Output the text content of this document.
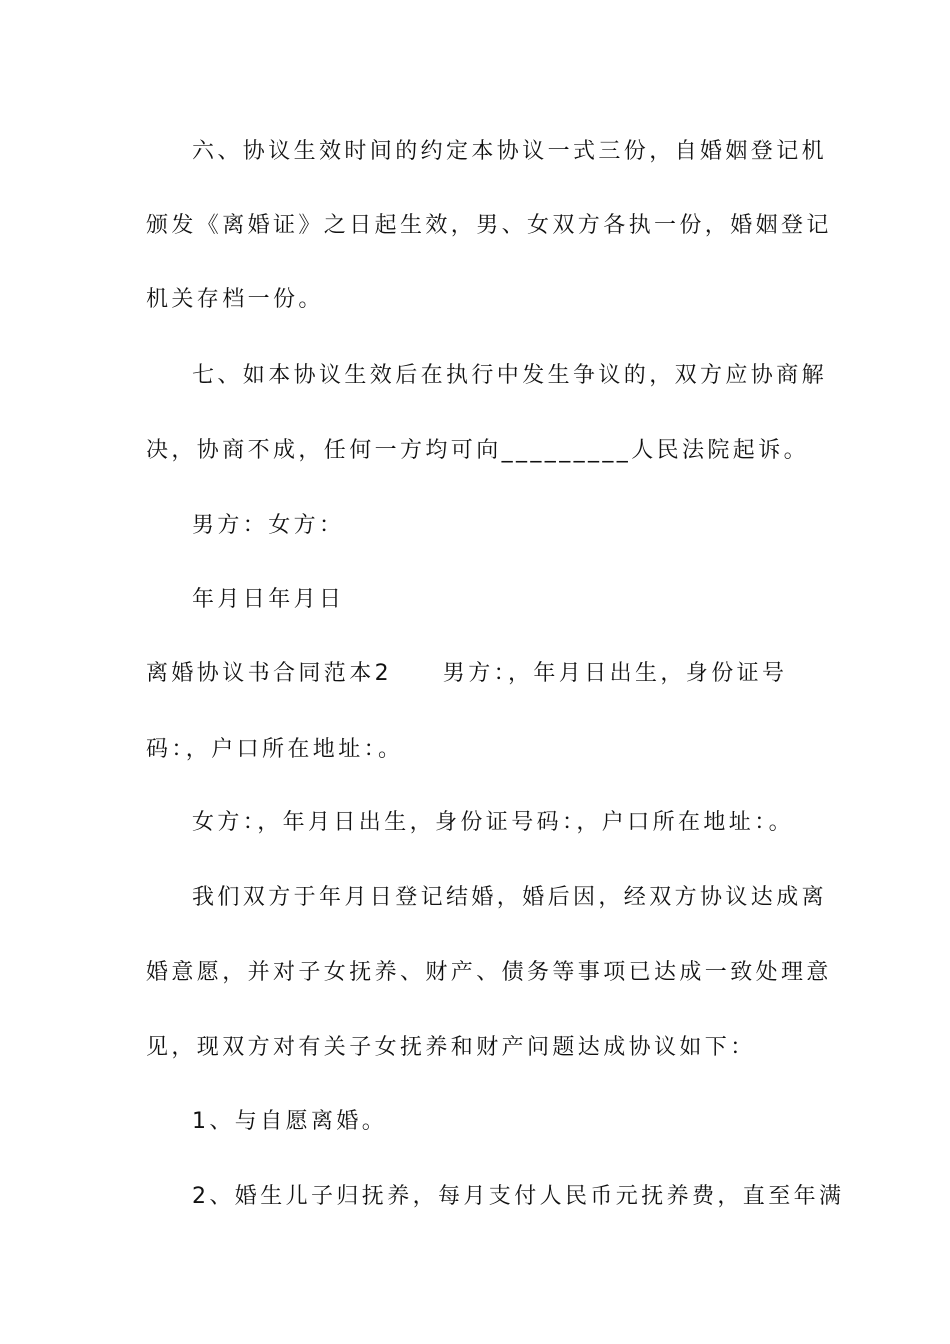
六、协议生效时间的约定本协议一式三份，自婚姻登记机
颁发《离婚证》之日起生效，男、女双方各执一份，婚姻登记
机关存档一份。
七、如本协议生效后在执行中发生争议的，双方应协商解
决，协商不成，任何一方均可向_________人民法院起诉。
男方：女方：
年月日年月日
离婚协议书合同范本2　　男方：，年月日出生，身份证号
码：，户口所在地址：。
女方：，年月日出生，身份证号码：，户口所在地址：。
我们双方于年月日登记结婚，婚后因，经双方协议达成离
婚意愿，并对子女抚养、财产、债务等事项已达成一致处理意
见，现双方对有关子女抚养和财产问题达成协议如下：
1、与自愿离婚。
2、婚生儿子归抚养，每月支付人民币元抚养费，直至年满
